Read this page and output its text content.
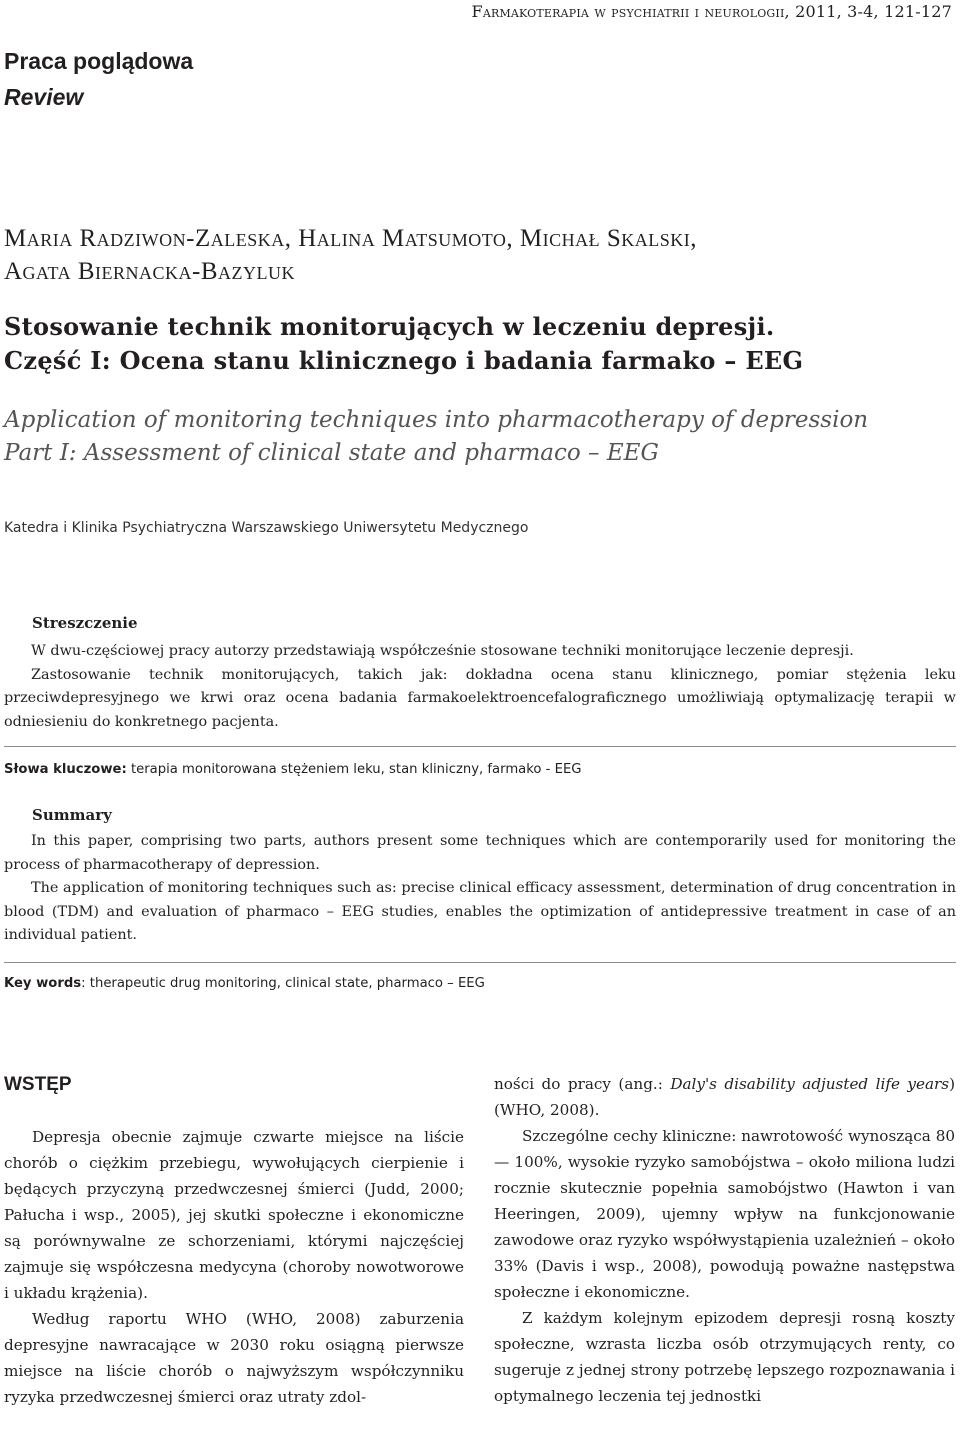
Farmakoterapia w psychiatrii i neurologii, 2011, 3-4, 121-127
Praca poglądowa
Review
Maria Radziwon-Zaleska, Halina Matsumoto, Michał Skalski,
Agata Biernacka-Bazyluk
Stosowanie technik monitorujących w leczeniu depresji.
Część I: Ocena stanu klinicznego i badania farmako – EEG
Application of monitoring techniques into pharmacotherapy of depression
Part I: Assessment of clinical state and pharmaco – EEG
Katedra i Klinika Psychiatryczna Warszawskiego Uniwersytetu Medycznego
Streszczenie

W dwu-częściowej pracy autorzy przedstawiają współcześnie stosowane techniki monitorujące leczenie depresji.

Zastosowanie technik monitorujących, takich jak: dokładna ocena stanu klinicznego, pomiar stężenia leku przeciwdepresyjnego we krwi oraz ocena badania farmakoelektroencefalograficznego umożliwiają optymalizację terapii w odniesieniu do konkretnego pacjenta.

Słowa kluczowe: terapia monitorowana stężeniem leku, stan kliniczny, farmako - EEG
Summary

In this paper, comprising two parts, authors present some techniques which are contemporarily used for monitoring the process of pharmacotherapy of depression.

The application of monitoring techniques such as: precise clinical efficacy assessment, determination of drug concentration in blood (TDM) and evaluation of pharmaco – EEG studies, enables the optimization of antidepressive treatment in case of an individual patient.

Key words: therapeutic drug monitoring, clinical state, pharmaco – EEG
WSTĘP

Depresja obecnie zajmuje czwarte miejsce na liście chorób o ciężkim przebiegu, wywołujących cierpienie i będących przyczyną przedwczesnej śmierci (Judd, 2000; Pałucha i wsp., 2005), jej skutki społeczne i ekonomiczne są porównywalne ze schorzeniami, którymi najczęściej zajmuje się współczesna medycyna (choroby nowotworowe i układu krążenia).

Według raportu WHO (WHO, 2008) zaburzenia depresyjne nawracające w 2030 roku osiągną pierwsze miejsce na liście chorób o najwyższym współczynniku ryzyka przedwczesnej śmierci oraz utraty zdol-

ności do pracy (ang.: Daly's disability adjusted life years) (WHO, 2008).

Szczególne cechy kliniczne: nawrotowość wynosząca 80 — 100%, wysokie ryzyko samobójstwa – około miliona ludzi rocznie skutecznie popełnia samobójstwo (Hawton i van Heeringen, 2009), ujemny wpływ na funkcjonowanie zawodowe oraz ryzyko współwystąpienia uzależnień – około 33% (Davis i wsp., 2008), powodują poważne następstwa społeczne i ekonomiczne.

Z każdym kolejnym epizodem depresji rosną koszty społeczne, wzrasta liczba osób otrzymujących renty, co sugeruje z jednej strony potrzebę lepszego rozpoznawania i optymalnego leczenia tej jednostki
